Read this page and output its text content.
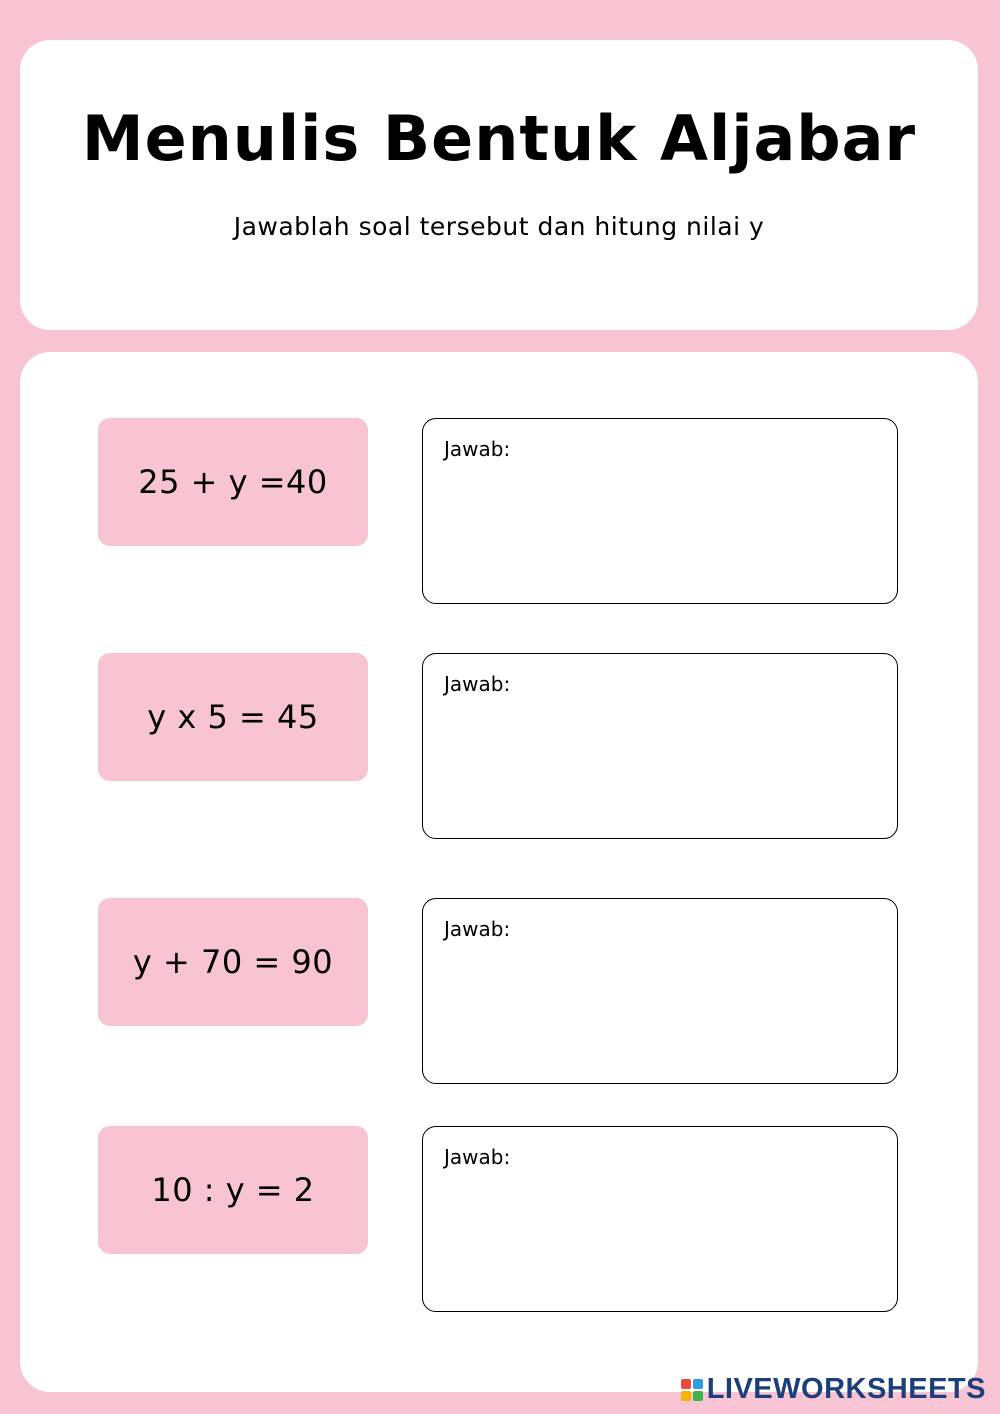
Menulis Bentuk Aljabar

Jawablah soal tersebut dan hitung nilai y

25 + y =40
Jawab:
y x 5 = 45
Jawab:
y + 70 = 90
Jawab:
10 : y = 2
Jawab:
LIVEWORKSHEETS
